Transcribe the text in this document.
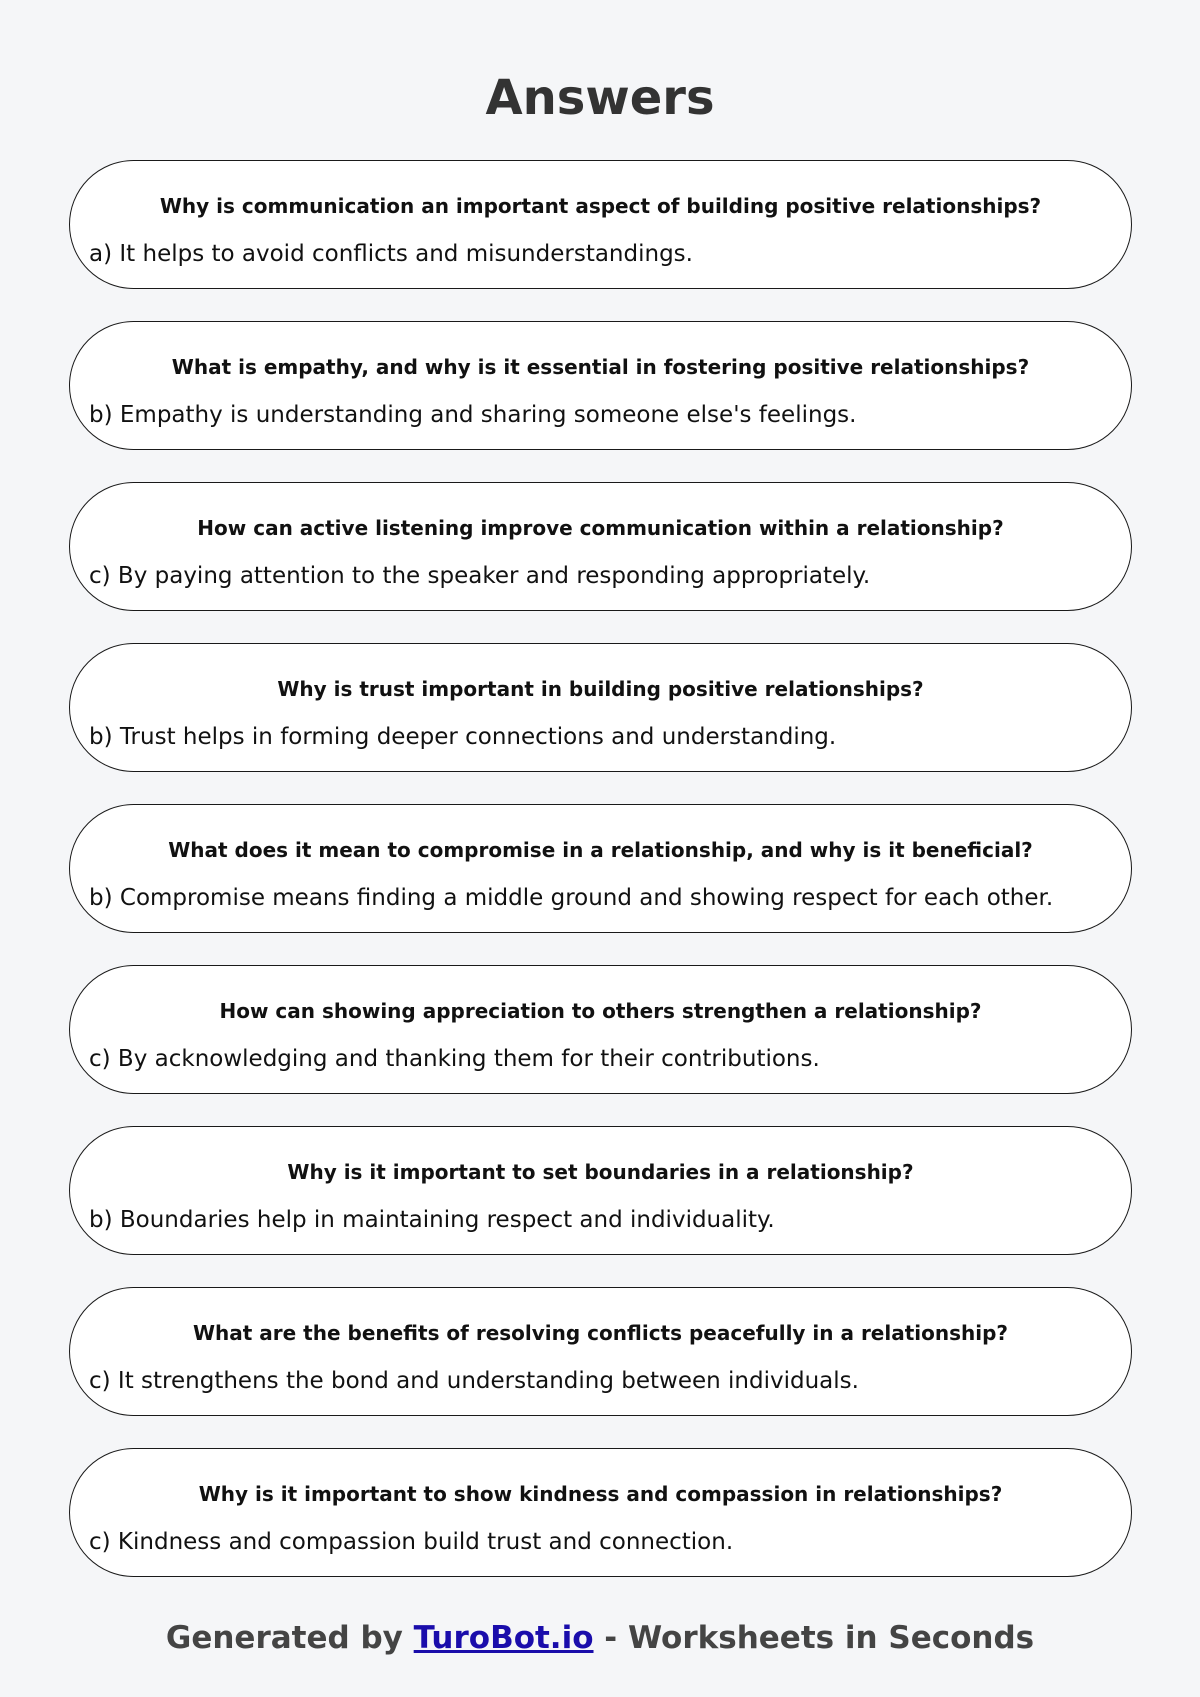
Answers
Why is communication an important aspect of building positive relationships?
a) It helps to avoid conflicts and misunderstandings.
What is empathy, and why is it essential in fostering positive relationships?
b) Empathy is understanding and sharing someone else's feelings.
How can active listening improve communication within a relationship?
c) By paying attention to the speaker and responding appropriately.
Why is trust important in building positive relationships?
b) Trust helps in forming deeper connections and understanding.
What does it mean to compromise in a relationship, and why is it beneficial?
b) Compromise means finding a middle ground and showing respect for each other.
How can showing appreciation to others strengthen a relationship?
c) By acknowledging and thanking them for their contributions.
Why is it important to set boundaries in a relationship?
b) Boundaries help in maintaining respect and individuality.
What are the benefits of resolving conflicts peacefully in a relationship?
c) It strengthens the bond and understanding between individuals.
Why is it important to show kindness and compassion in relationships?
c) Kindness and compassion build trust and connection.
Generated by TuroBot.io - Worksheets in Seconds
